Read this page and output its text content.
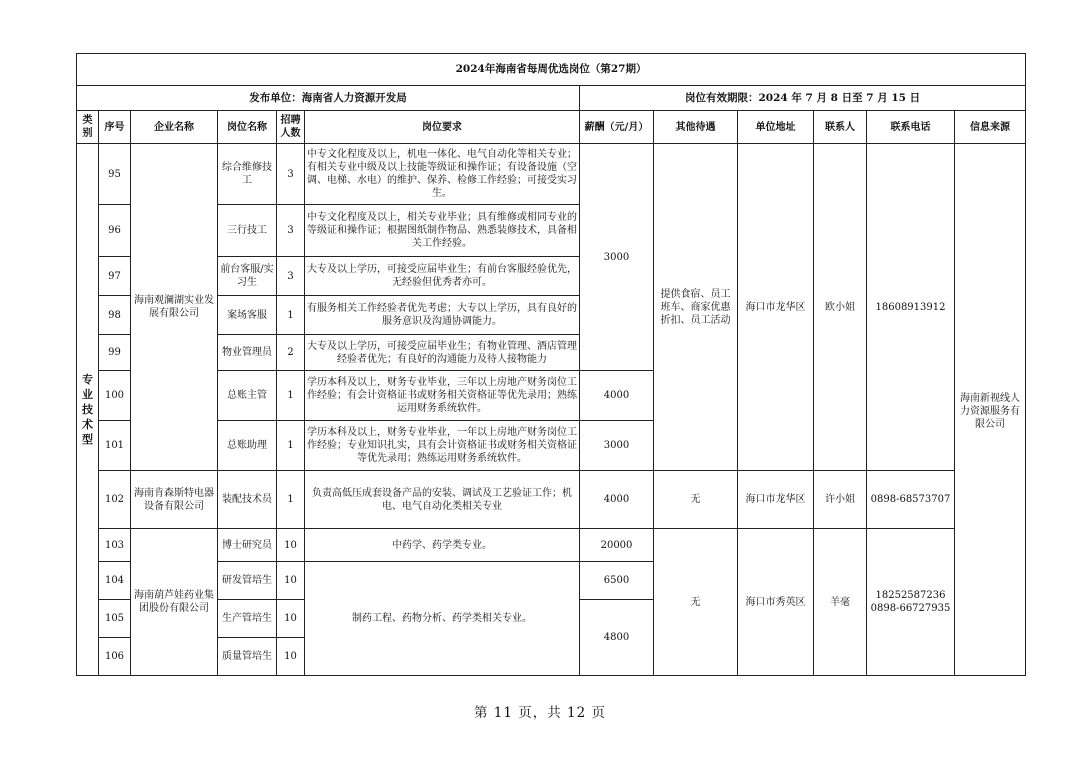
2024年海南省每周优选岗位（第27期）											
发布单位：海南省人力资源开发局						岗位有效期限：2024 年 7 月 8 日至 7 月 15 日					
类别	序号	企业名称	岗位名称	招聘人数	岗位要求	薪酬（元/月）	其他待遇	单位地址	联系人	联系电话	信息来源
专业技术型	95	海南观澜湖实业发展有限公司	综合维修技工	3	中专文化程度及以上，机电一体化、电气自动化等相关专业；有相关专业中级及以上技能等级证和操作证；有设备设施（空调、电梯、水电）的维护、保养、检修工作经验；可接受实习生。	3000	提供食宿、员工班车、商家优惠折扣、员工活动	海口市龙华区	欧小姐	18608913912	海南新视线人力资源服务有限公司
	96		三行技工	3	中专文化程度及以上，相关专业毕业；具有维修或相同专业的等级证和操作证；根据图纸制作物品、熟悉装修技术，具备相关工作经验。						
	97		前台客服/实习生	3	大专及以上学历，可接受应届毕业生；有前台客服经验优先，无经验但优秀者亦可。						
	98		案场客服	1	有服务相关工作经验者优先考虑；大专以上学历，具有良好的服务意识及沟通协调能力。						
	99		物业管理员	2	大专及以上学历，可接受应届毕业生；有物业管理、酒店管理经验者优先；有良好的沟通能力及待人接物能力						
	100		总账主管	1	学历本科及以上，财务专业毕业，三年以上房地产财务岗位工作经验；有会计资格证书或财务相关资格证等优先录用；熟练运用财务系统软件。	4000					
	101		总账助理	1	学历本科及以上，财务专业毕业，一年以上房地产财务岗位工作经验；专业知识扎实，具有会计资格证书或财务相关资格证等优先录用；熟练运用财务系统软件。	3000					
	102	海南肯森斯特电器设备有限公司	装配技术员	1	负责高低压成套设备产品的安装、调试及工艺验证工作；机电、电气自动化类相关专业	4000	无	海口市龙华区	许小姐	0898-68573707	
	103	海南葫芦娃药业集团股份有限公司	博士研究员	10	中药学、药学类专业。	20000	无	海口市秀英区	羊毫	18252587236
0898-66727935	

	104		研发管培生	10	制药工程、药物分析、药学类相关专业。	6500					
	105		生产管培生	10		4800					
	106		质量管培生	10							
第 11 页，共 12 页
